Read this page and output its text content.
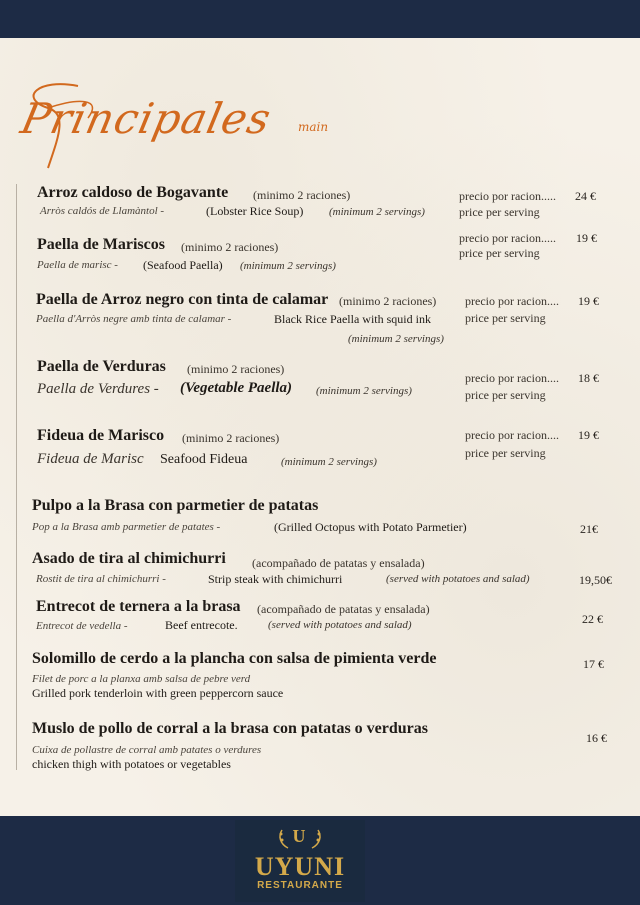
Principales main
Arroz caldoso de Bogavante (minimo 2 raciones)
Arròs caldós de Llamàntol -	(Lobster Rice Soup) (minimum 2 servings)
precio por racion.....
price per serving
24 €
Paella de Mariscos (minimo 2 raciones)
Paella de marisc - (Seafood Paella) (minimum 2 servings)
precio por racion.....
price per serving
19 €
Paella de Arroz negro con tinta de calamar (minimo 2 raciones)
Paella d'Arròs negre amb tinta de calamar -	Black Rice Paella with squid ink
(minimum 2 servings)
precio por racion....
price per serving
19 €
Paella de Verduras (minimo 2 raciones)
Paella de Verdures - (Vegetable Paella) (minimum 2 servings)
precio por racion....
price per serving
18 €
Fideua de Marisco (minimo 2 raciones)
Fideua de Marisc Seafood Fideua	(minimum 2 servings)
precio por racion....
price per serving
19 €
Pulpo a la Brasa con parmetier de patatas
Pop a la Brasa amb parmetier de patates -	(Grilled Octopus with Potato Parmetier)	21€
Asado de tira al chimichurri (acompañado de patatas y ensalada)
Rostit de tira al chimichurri -	Strip steak with chimichurri	(served with potatoes and salad)	19,50€
Entrecot de ternera a la brasa (acompañado de patatas y ensalada)
Entrecot de vedella -	Beef entrecote.	(served with potatoes and salad)	22 €
Solomillo de cerdo a la plancha con salsa de pimienta verde
Filet de porc a la planxa amb salsa de pebre verd
Grilled pork tenderloin with green peppercorn sauce
17 €
Muslo de pollo de corral a la brasa con patatas o verduras
Cuixa de pollastre de corral amb patates o verdures
chicken thigh with potatoes or vegetables
16 €
U
UYUNI
RESTAURANTE
